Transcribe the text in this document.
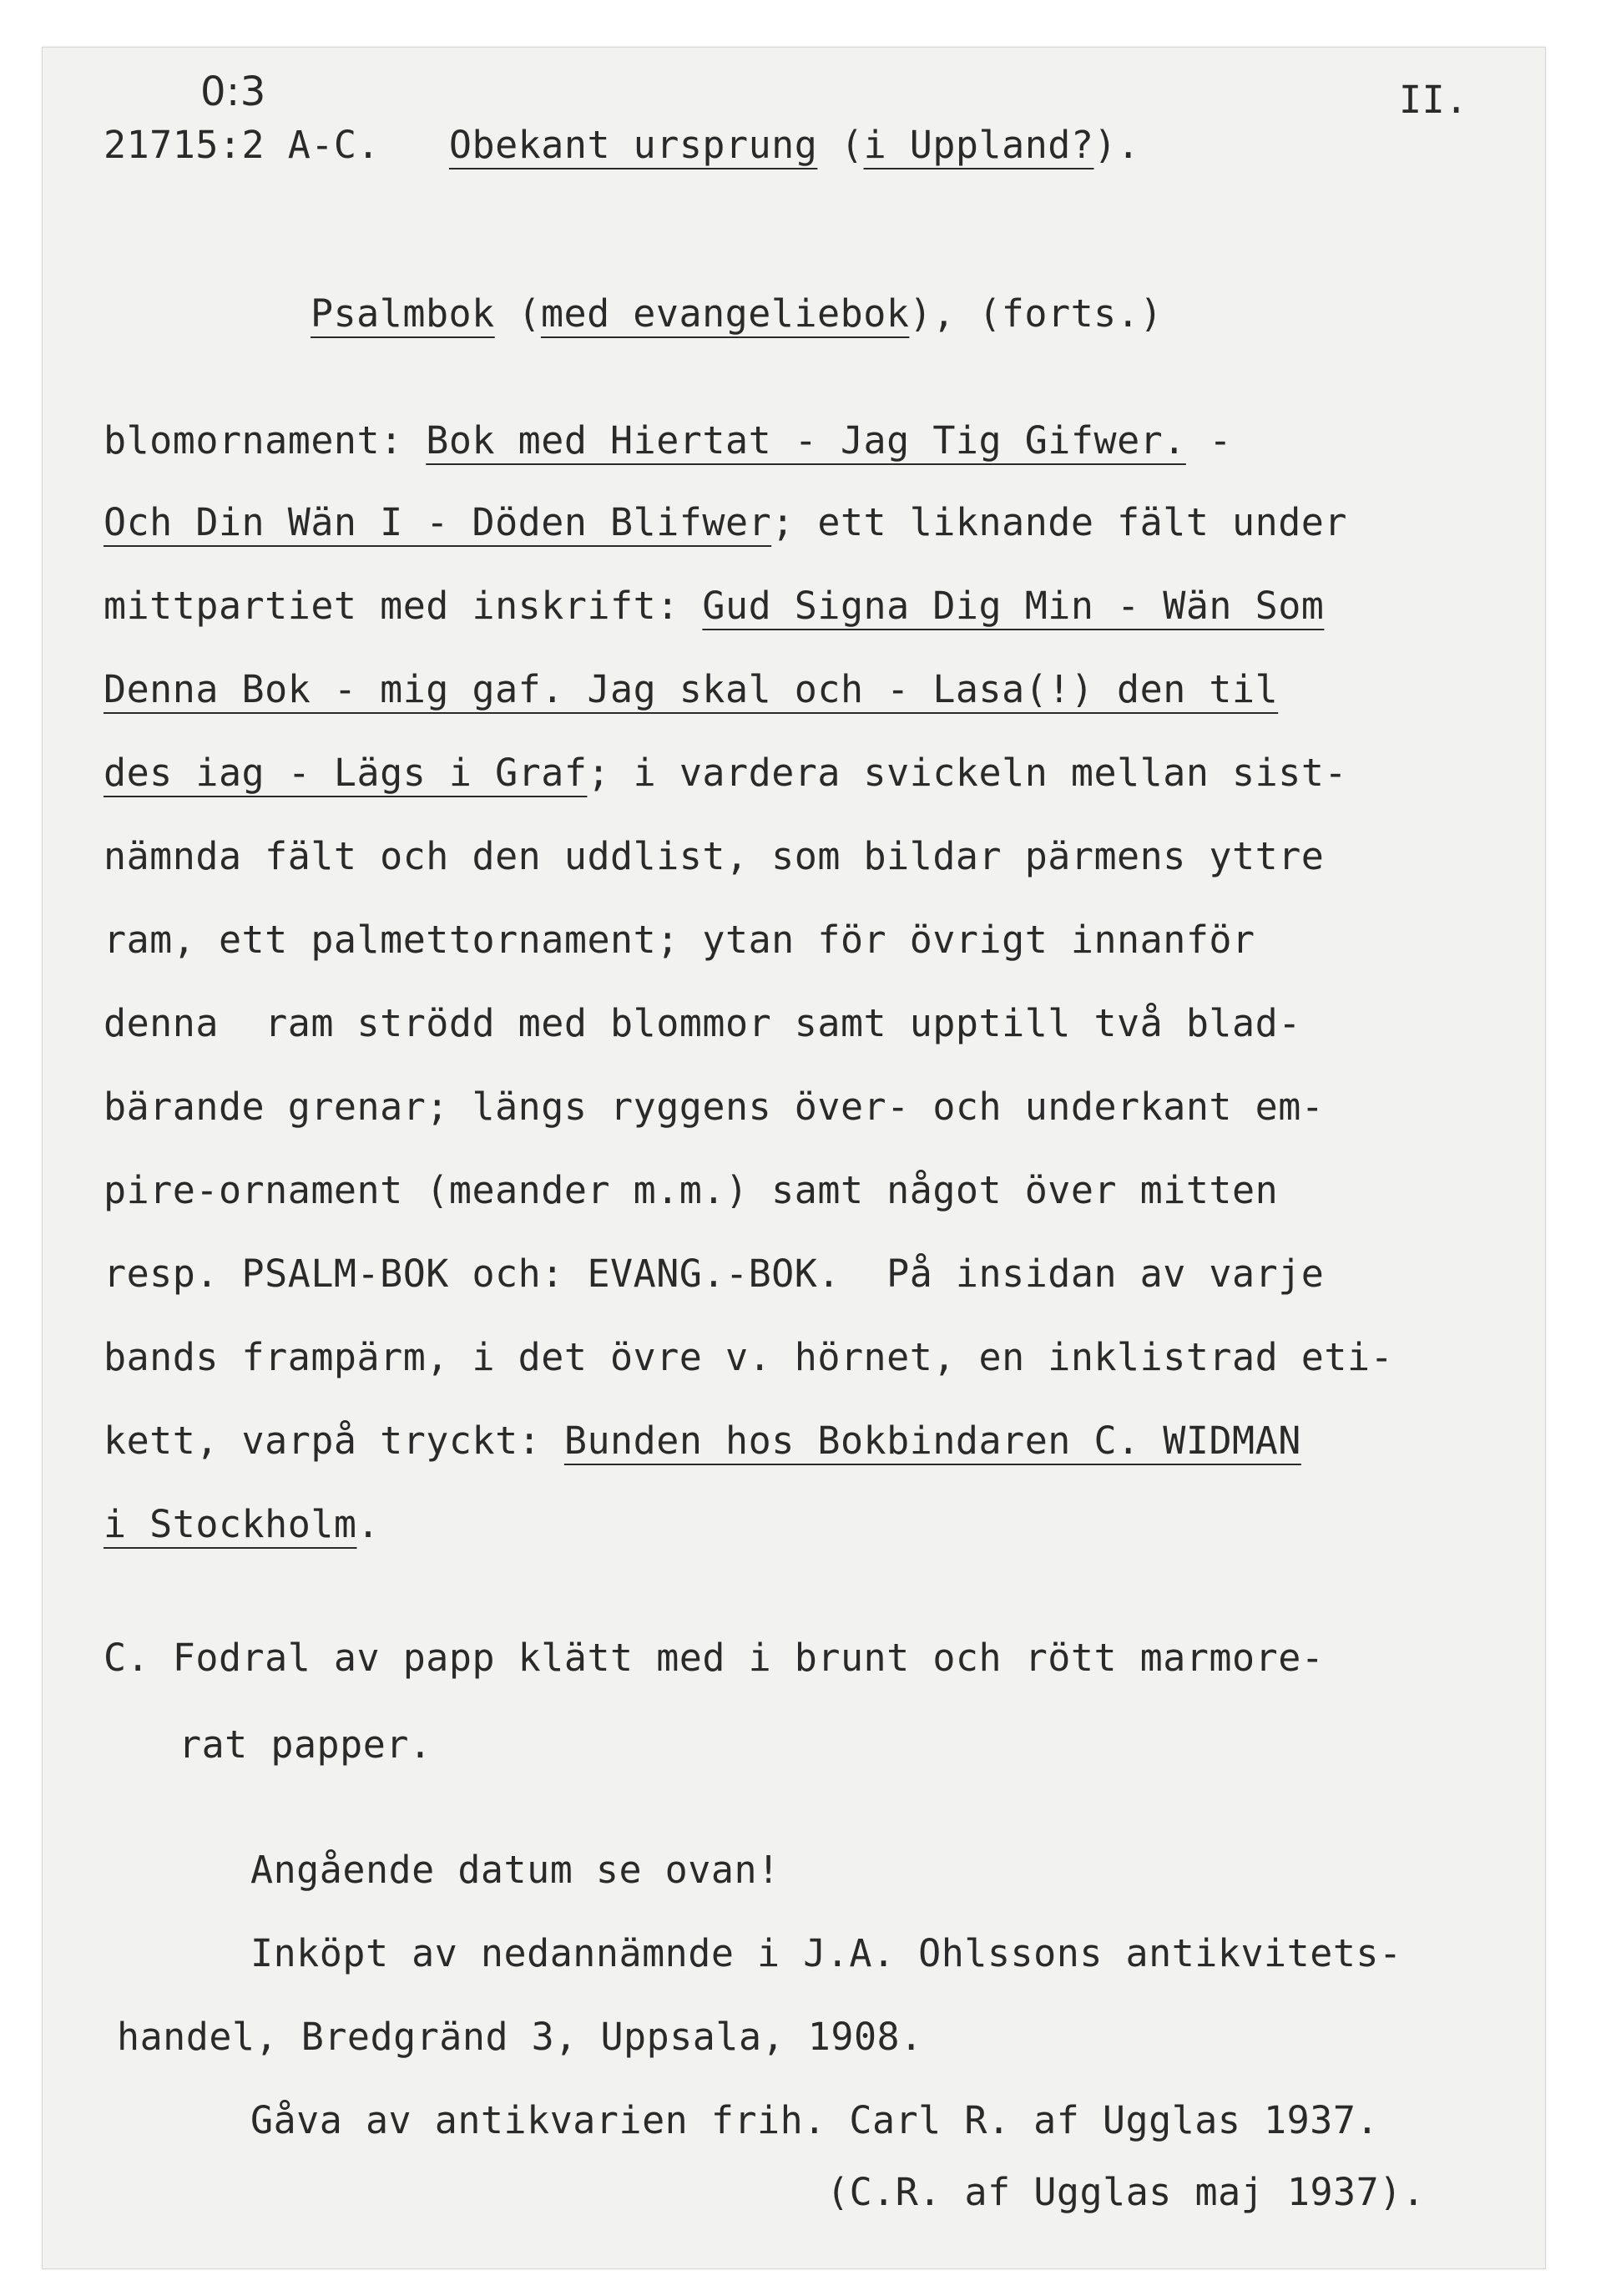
0:3	II.
21715:2 A-C. Obekant ursprung (i Uppland?).
Psalmbok (med evangeliebok), (forts.)
blomornament: Bok med Hiertat - Jag Tig Gifwer. -
Och Din Wän I - Döden Blifwer; ett liknande fält under
mittpartiet med inskrift: Gud Signa Dig Min - Wän Som
Denna Bok - mig gaf. Jag skal och - Lasa(!) den til
des iag - Lägs i Graf; i vardera svickeln mellan sist-
nämnda fält och den uddlist, som bildar pärmens yttre
ram, ett palmettornament; ytan för övrigt innanför
denna  ram strödd med blommor samt upptill två blad-
bärande grenar; längs ryggens över- och underkant em-
pire-ornament (meander m.m.) samt något över mitten
resp. PSALM-BOK och: EVANG.-BOK.  På insidan av varje
bands frampärm, i det övre v. hörnet, en inklistrad eti-
kett, varpå tryckt: Bunden hos Bokbindaren C. WIDMAN
i Stockholm.
C. Fodral av papp klätt med i brunt och rött marmore-
rat papper.
Angående datum se ovan!
Inköpt av nedannämnde i J.A. Ohlssons antikvitets-
handel, Bredgränd 3, Uppsala, 1908.
Gåva av antikvarien frih. Carl R. af Ugglas 1937.
(C.R. af Ugglas maj 1937).
